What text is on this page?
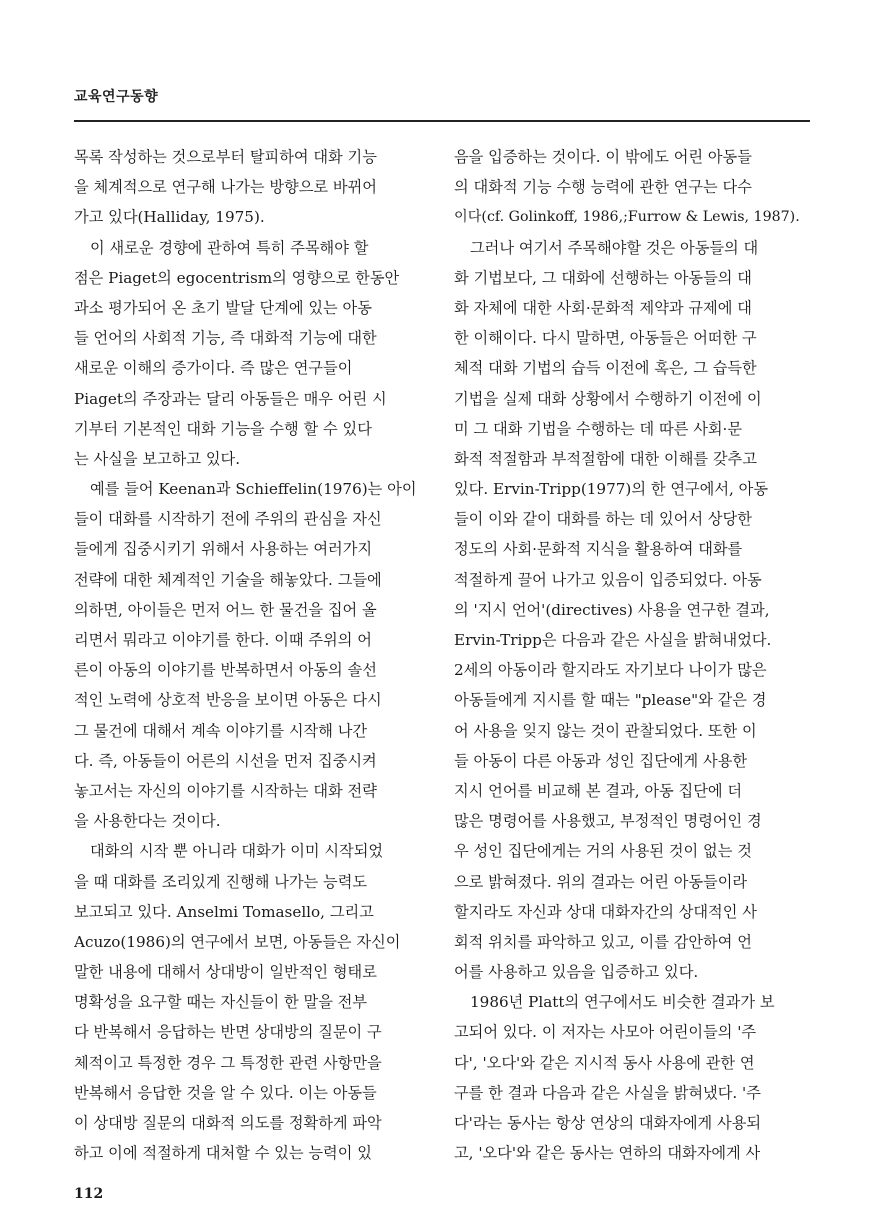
교육연구동향
목록 작성하는 것으로부터 탈피하여 대화 기능
을 체계적으로 연구해 나가는 방향으로 바뀌어
가고 있다(Halliday, 1975).
이 새로운 경향에 관하여 특히 주목해야 할
점은 Piaget의 egocentrism의 영향으로 한동안
과소 평가되어 온 초기 발달 단계에 있는 아동
들 언어의 사회적 기능, 즉 대화적 기능에 대한
새로운 이해의 증가이다. 즉 많은 연구들이
Piaget의 주장과는 달리 아동들은 매우 어린 시
기부터 기본적인 대화 기능을 수행 할 수 있다
는 사실을 보고하고 있다.
예를 들어 Keenan과 Schieffelin(1976)는 아이
들이 대화를 시작하기 전에 주위의 관심을 자신
들에게 집중시키기 위해서 사용하는 여러가지
전략에 대한 체계적인 기술을 해놓았다. 그들에
의하면, 아이들은 먼저 어느 한 물건을 집어 올
리면서 뭐라고 이야기를 한다. 이때 주위의 어
른이 아동의 이야기를 반복하면서 아동의 솔선
적인 노력에 상호적 반응을 보이면 아동은 다시
그 물건에 대해서 계속 이야기를 시작해 나간
다. 즉, 아동들이 어른의 시선을 먼저 집중시켜
놓고서는 자신의 이야기를 시작하는 대화 전략
을 사용한다는 것이다.
대화의 시작 뿐 아니라 대화가 이미 시작되었
을 때 대화를 조리있게 진행해 나가는 능력도
보고되고 있다. Anselmi Tomasello, 그리고
Acuzo(1986)의 연구에서 보면, 아동들은 자신이
말한 내용에 대해서 상대방이 일반적인 형태로
명확성을 요구할 때는 자신들이 한 말을 전부
다 반복해서 응답하는 반면 상대방의 질문이 구
체적이고 특정한 경우 그 특정한 관련 사항만을
반복해서 응답한 것을 알 수 있다. 이는 아동들
이 상대방 질문의 대화적 의도를 정확하게 파악
하고 이에 적절하게 대처할 수 있는 능력이 있
음을 입증하는 것이다. 이 밖에도 어린 아동들
의 대화적 기능 수행 능력에 관한 연구는 다수
이다(cf. Golinkoff, 1986,;Furrow & Lewis, 1987).
그러나 여기서 주목해야할 것은 아동들의 대
화 기법보다, 그 대화에 선행하는 아동들의 대
화 자체에 대한 사회·문화적 제약과 규제에 대
한 이해이다. 다시 말하면, 아동들은 어떠한 구
체적 대화 기법의 습득 이전에 혹은, 그 습득한
기법을 실제 대화 상황에서 수행하기 이전에 이
미 그 대화 기법을 수행하는 데 따른 사회·문
화적 적절함과 부적절함에 대한 이해를 갖추고
있다. Ervin-Tripp(1977)의 한 연구에서, 아동
들이 이와 같이 대화를 하는 데 있어서 상당한
정도의 사회·문화적 지식을 활용하여 대화를
적절하게 끌어 나가고 있음이 입증되었다. 아동
의 '지시 언어'(directives) 사용을 연구한 결과,
Ervin-Tripp은 다음과 같은 사실을 밝혀내었다.
2세의 아동이라 할지라도 자기보다 나이가 많은
아동들에게 지시를 할 때는 "please"와 같은 경
어 사용을 잊지 않는 것이 관찰되었다. 또한 이
들 아동이 다른 아동과 성인 집단에게 사용한
지시 언어를 비교해 본 결과, 아동 집단에 더
많은 명령어를 사용했고, 부정적인 명령어인 경
우 성인 집단에게는 거의 사용된 것이 없는 것
으로 밝혀졌다. 위의 결과는 어린 아동들이라
할지라도 자신과 상대 대화자간의 상대적인 사
회적 위치를 파악하고 있고, 이를 감안하여 언
어를 사용하고 있음을 입증하고 있다.
1986년 Platt의 연구에서도 비슷한 결과가 보
고되어 있다. 이 저자는 사모아 어린이들의 '주
다', '오다'와 같은 지시적 동사 사용에 관한 연
구를 한 결과 다음과 같은 사실을 밝혀냈다. '주
다'라는 동사는 항상 연상의 대화자에게 사용되
고, '오다'와 같은 동사는 연하의 대화자에게 사
112
